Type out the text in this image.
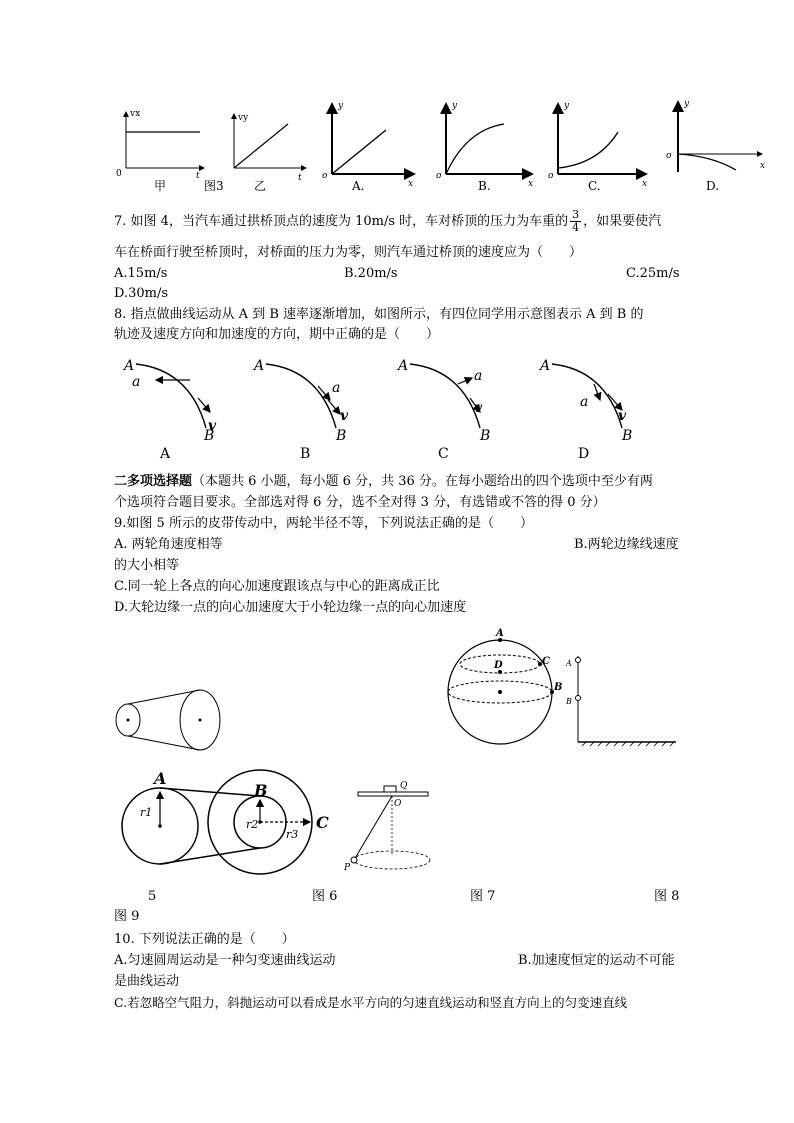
vx
0	t
甲	图3
vy
t
乙
y
o
x
A.
y
o
x
B.
y
o
x
C.
y
o
x
D.
7. 如图 4，当汽车通过拱桥顶点的速度为 10m/s 时，车对桥顶的压力为车重的 $\frac{3}{4}$ ，如果要使汽
车在桥面行驶至桥顶时，对桥面的压力为零，则汽车通过桥顶的速度应为（　　）
A.15m/s	B.20m/s	C.25m/s
D.30m/s
8. 指点做曲线运动从 A 到 B 速率逐渐增加，如图所示，有四位同学用示意图表示 A 到 B 的
轨迹及速度方向和加速度的方向，期中正确的是（　　）
A
a
v
B
A
A
a
v
B
B
A
a
v
B
C
A
a
v
B
D
二多项选择题（本题共 6 小题，每小题 6 分，共 36 分。在每小题给出的四个选项中至少有两
个选项符合题目要求。全部选对得 6 分，选不全对得 3 分，有选错或不答的得 0 分）
9.如图 5 所示的皮带传动中，两轮半径不等，下列说法正确的是（　　）
A. 两轮角速度相等	B.两轮边缘线速度
的大小相等
C.同一轮上各点的向心加速度跟该点与中心的距离成正比
D.大轮边缘一点的向心加速度大于小轮边缘一点的向心加速度
A
C
D
B
A
B
A
B
C
r1
r2
r3
Q
O
P
5	图 6	图 7	图 8
图 9
10. 下列说法正确的是（　　）
A.匀速圆周运动是一种匀变速曲线运动	B.加速度恒定的运动不可能
是曲线运动
C.若忽略空气阻力，斜抛运动可以看成是水平方向的匀速直线运动和竖直方向上的匀变速直线
